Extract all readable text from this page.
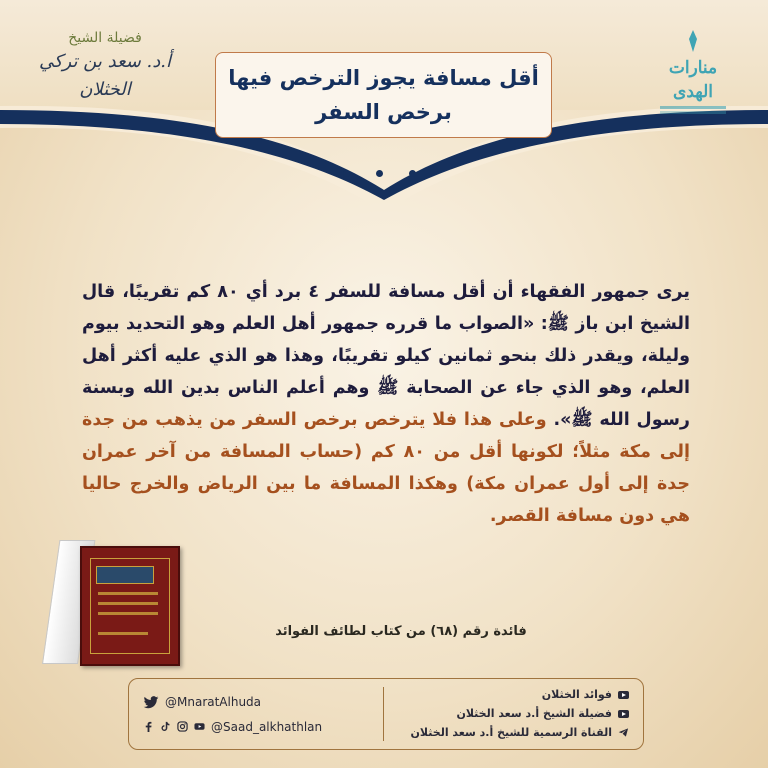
فضيلة الشيخ
أ.د. سعد بن تركي الخثلان
منارات الهدى
أقل مسافة يجوز الترخص فيها
برخص السفر
يرى جمهور الفقهاء أن أقل مسافة للسفر ٤ برد أي ٨٠ كم تقريبًا، قال الشيخ ابن باز ﷺ: «الصواب ما قرره جمهور أهل العلم وهو التحديد بيوم وليلة، ويقدر ذلك بنحو ثمانين كيلو تقريبًا، وهذا هو الذي عليه أكثر أهل العلم، وهو الذي جاء عن الصحابة ﷺ وهم أعلم الناس بدين الله وبسنة رسول الله ﷺ». وعلى هذا فلا يترخص برخص السفر من يذهب من جدة إلى مكة مثلاً؛ لكونها أقل من ٨٠ كم (حساب المسافة من آخر عمران جدة إلى أول عمران مكة) وهكذا المسافة ما بين الرياض والخرج حاليا هي دون مسافة القصر.
فائدة رقم (٦٨) من كتاب لطائف الفوائد
@MnaratAlhuda
@Saad_alkhathlan
فوائد الخثلان
فضيلة الشيخ أ.د سعد الخثلان
القناة الرسمية للشيخ أ.د سعد الخثلان
